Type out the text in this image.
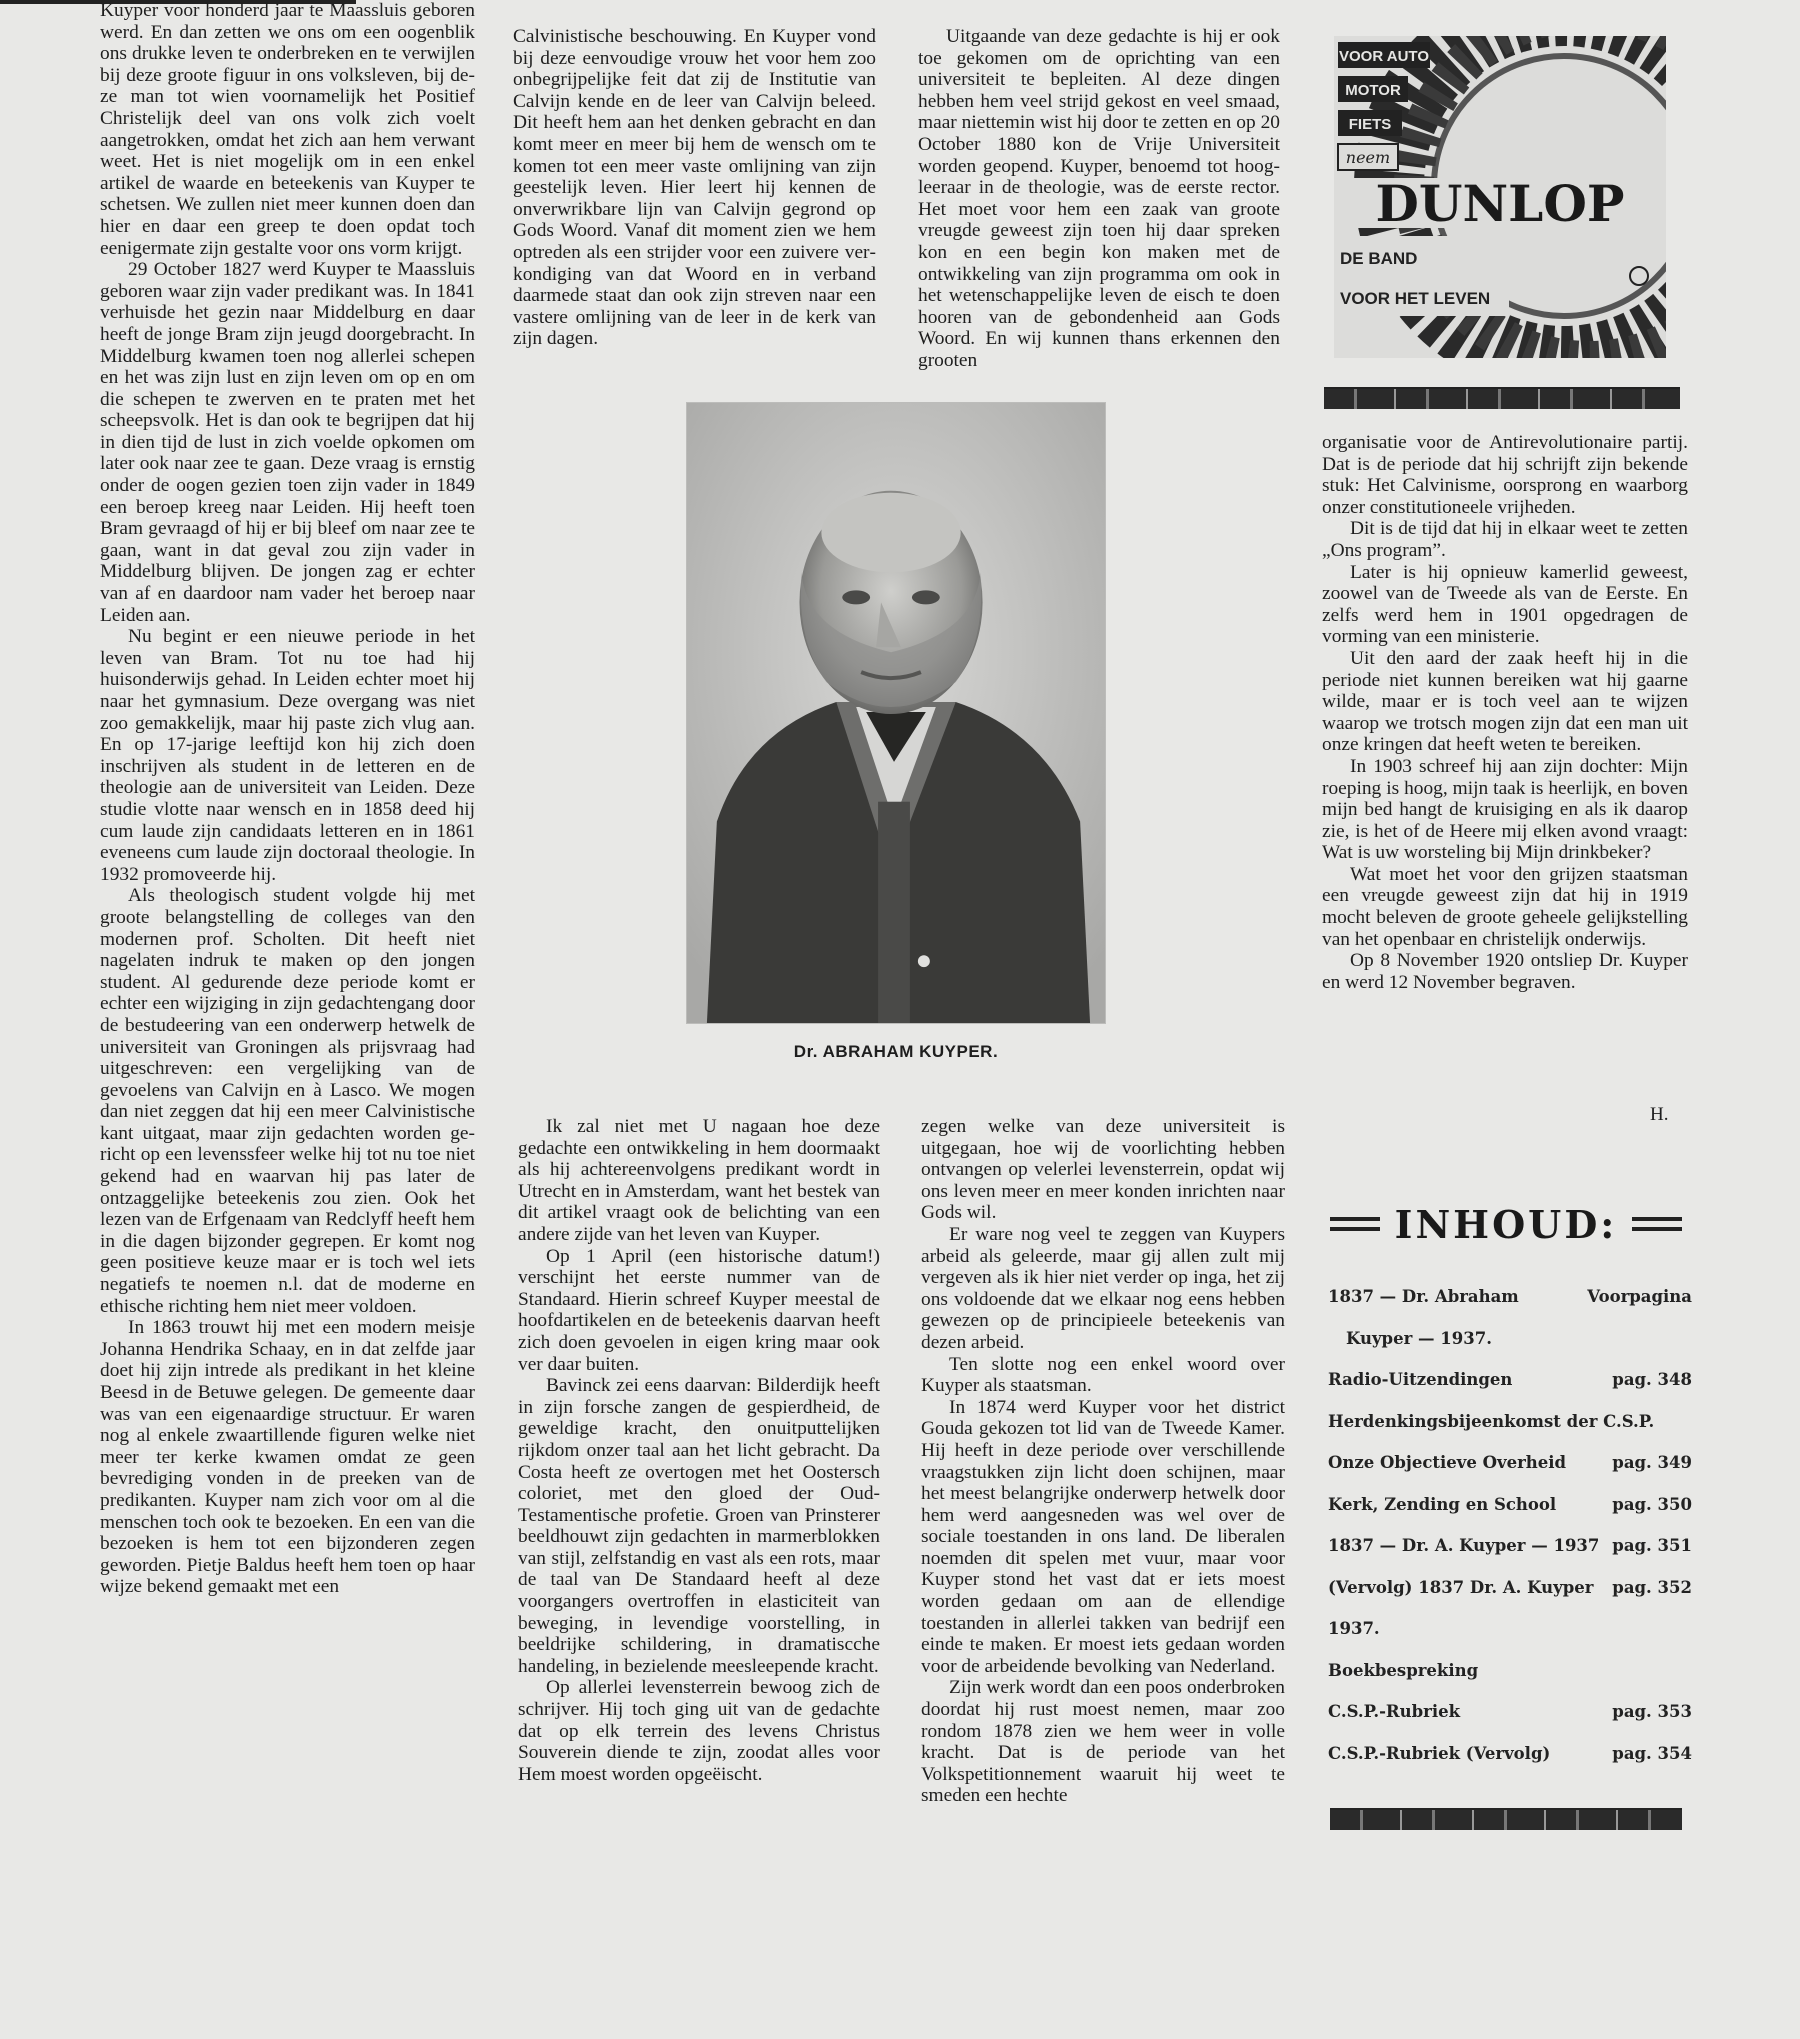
Kuyper voor honderd jaar te Maassluis geboren werd. En dan zetten we ons om een oogenblik ons drukke leven te onderbreken en te verwijlen bij deze groote figuur in ons volksleven, bij deze man tot wien voornamelijk het Positief Christelijk deel van ons volk zich voelt aangetrokken, omdat het zich aan hem verwant weet. Het is niet mogelijk om in een enkel artikel de waarde en beteekenis van Kuyper te schetsen. We zullen niet meer kunnen doen dan hier en daar een greep te doen opdat toch eenigermate zijn gestalte voor ons vorm krijgt.

29 October 1827 werd Kuyper te Maassluis geboren waar zijn vader predikant was. In 1841 verhuisde het gezin naar Middelburg en daar heeft de jonge Bram zijn jeugd doorgebracht. In Middelburg kwamen toen nog allerlei schepen en het was zijn lust en zijn leven om op en om die schepen te zwerven en te praten met het scheepsvolk. Het is dan ook te begrijpen dat hij in dien tijd de lust in zich voelde opkomen om later ook naar zee te gaan. Deze vraag is ernstig onder de oogen gezien toen zijn vader in 1849 een beroep kreeg naar Leiden. Hij heeft toen Bram gevraagd of hij er bij bleef om naar zee te gaan, want in dat geval zou zijn vader in Middelburg blijven. De jongen zag er echter van af en daardoor nam vader het beroep naar Leiden aan.

Nu begint er een nieuwe periode in het leven van Bram. Tot nu toe had hij huisonderwijs gehad. In Leiden echter moet hij naar het gymnasium. Deze overgang was niet zoo gemakkelijk, maar hij paste zich vlug aan. En op 17-jarige leeftijd kon hij zich doen inschrijven als student in de letteren en de theologie aan de universiteit van Leiden. Deze studie vlotte naar wensch en in 1858 deed hij cum laude zijn candidaats letteren en in 1861 eveneens cum laude zijn doctoraal theologie. In 1932 promoveerde hij.

Als theologisch student volgde hij met groote belangstelling de colleges van den modernen prof. Scholten. Dit heeft niet nagelaten indruk te maken op den jongen student. Al gedurende deze periode komt er echter een wijziging in zijn gedachtengang door de bestudeering van een onderwerp hetwelk de universiteit van Groningen als prijsvraag had uitgeschreven: een vergelijking van de gevoelens van Calvijn en à Lasco. We mogen dan niet zeggen dat hij een meer Calvinistische kant uitgaat, maar zijn gedachten worden gericht op een levenssfeer welke hij tot nu toe niet gekend had en waarvan hij pas later de ontzaggelijke beteekenis zou zien. Ook het lezen van de Erfgenaam van Redclyff heeft hem in die dagen bijzonder gegrepen. Er komt nog geen positieve keuze maar er is toch wel iets negatiefs te noemen n.l. dat de moderne en ethische richting hem niet meer voldoen.

In 1863 trouwt hij met een modern meisje Johanna Hendrika Schaay, en in dat zelfde jaar doet hij zijn intrede als predikant in het kleine Beesd in de Betuwe gelegen. De gemeente daar was van een eigenaardige structuur. Er waren nog al enkele zwaartillende figuren welke niet meer ter kerke kwamen omdat ze geen bevrediging vonden in de preeken van de predikanten. Kuyper nam zich voor om al die menschen toch ook te bezoeken. En een van die bezoeken is hem tot een bijzonderen zegen geworden. Pietje Baldus heeft hem toen op haar wijze bekend gemaakt met een

Calvinistische beschouwing. En Kuyper vond bij deze eenvoudige vrouw het voor hem zoo onbegrijpelijke feit dat zij de Institutie van Calvijn kende en de leer van Calvijn beleed. Dit heeft hem aan het denken gebracht en dan komt meer en meer bij hem de wensch om te komen tot een meer vaste omlijning van zijn geestelijk leven. Hier leert hij kennen de onverwrikbare lijn van Calvijn gegrond op Gods Woord. Vanaf dit moment zien we hem optreden als een strijder voor een zuivere verkondiging van dat Woord en in verband daarmede staat dan ook zijn streven naar een vastere omlijning van de leer in de kerk van zijn dagen.

Uitgaande van deze gedachte is hij er ook toe gekomen om de oprichting van een universiteit te bepleiten. Al deze dingen hebben hem veel strijd gekost en veel smaad, maar niettemin wist hij door te zetten en op 20 October 1880 kon de Vrije Universiteit worden geopend. Kuyper, benoemd tot hoogleeraar in de theologie, was de eerste rector. Het moet voor hem een zaak van groote vreugde geweest zijn toen hij daar spreken kon en een begin kon maken met de ontwikkeling van zijn programma om ook in het wetenschappelijke leven de eisch te doen hooren van de gebondenheid aan Gods Woord. En wij kunnen thans erkennen den grooten

Dr. ABRAHAM KUYPER.

Ik zal niet met U nagaan hoe deze gedachte een ontwikkeling in hem doormaakt als hij achtereenvolgens predikant wordt in Utrecht en in Amsterdam, want het bestek van dit artikel vraagt ook de belichting van een andere zijde van het leven van Kuyper.

Op 1 April (een historische datum!) verschijnt het eerste nummer van de Standaard. Hierin schreef Kuyper meestal de hoofdartikelen en de beteekenis daarvan heeft zich doen gevoelen in eigen kring maar ook ver daar buiten.

Bavinck zei eens daarvan: Bilderdijk heeft in zijn forsche zangen de gespierdheid, de geweldige kracht, den onuitputtelijken rijkdom onzer taal aan het licht gebracht. Da Costa heeft ze overtogen met het Oostersch coloriet, met den gloed der Oud-Testamentische profetie. Groen van Prinsterer beeldhouwt zijn gedachten in marmerblokken van stijl, zelfstandig en vast als een rots, maar de taal van De Standaard heeft al deze voorgangers overtroffen in elasticiteit van beweging, in levendige voorstelling, in beeldrijke schildering, in dramatiscche handeling, in bezielende meesleepende kracht.

Op allerlei levensterrein bewoog zich de schrijver. Hij toch ging uit van de gedachte dat op elk terrein des levens Christus Souverein diende te zijn, zoodat alles voor Hem moest worden opgeëischt.

zegen welke van deze universiteit is uitgegaan, hoe wij de voorlichting hebben ontvangen op velerlei levensterrein, opdat wij ons leven meer en meer konden inrichten naar Gods wil.

Er ware nog veel te zeggen van Kuypers arbeid als geleerde, maar gij allen zult mij vergeven als ik hier niet verder op inga, het zij ons voldoende dat we elkaar nog eens hebben gewezen op de principieele beteekenis van dezen arbeid.

Ten slotte nog een enkel woord over Kuyper als staatsman.

In 1874 werd Kuyper voor het district Gouda gekozen tot lid van de Tweede Kamer. Hij heeft in deze periode over verschillende vraagstukken zijn licht doen schijnen, maar het meest belangrijke onderwerp hetwelk door hem werd aangesneden was wel over de sociale toestanden in ons land. De liberalen noemden dit spelen met vuur, maar voor Kuyper stond het vast dat er iets moest worden gedaan om aan de ellendige toestanden in allerlei takken van bedrijf een einde te maken. Er moest iets gedaan worden voor de arbeidende bevolking van Nederland.

Zijn werk wordt dan een poos onderbroken doordat hij rust moest nemen, maar zoo rondom 1878 zien we hem weer in volle kracht. Dat is de periode van het Volkspetitionnement waaruit hij weet te smeden een hechte

VOOR AUTO
MOTOR
FIETS
neem
DUNLOP
DE BAND
VOOR HET LEVEN

organisatie voor de Antirevolutionaire partij. Dat is de periode dat hij schrijft zijn bekende stuk: Het Calvinisme, oorsprong en waarborg onzer constitutioneele vrijheden.

Dit is de tijd dat hij in elkaar weet te zetten „Ons program”.

Later is hij opnieuw kamerlid geweest, zoowel van de Tweede als van de Eerste. En zelfs werd hem in 1901 opgedragen de vorming van een ministerie.

Uit den aard der zaak heeft hij in die periode niet kunnen bereiken wat hij gaarne wilde, maar er is toch veel aan te wijzen waarop we trotsch mogen zijn dat een man uit onze kringen dat heeft weten te bereiken.

In 1903 schreef hij aan zijn dochter: Mijn roeping is hoog, mijn taak is heerlijk, en boven mijn bed hangt de kruisiging en als ik daarop zie, is het of de Heere mij elken avond vraagt: Wat is uw worsteling bij Mijn drinkbeker?

Wat moet het voor den grijzen staatsman een vreugde geweest zijn dat hij in 1919 mocht beleven de groote geheele gelijkstelling van het openbaar en christelijk onderwijs.

Op 8 November 1920 ontsliep Dr. Kuyper en werd 12 November begraven.

H.
INHOUD:
1837 — Dr. Abraham	Voorpagina
Kuyper — 1937.
Radio-Uitzendingen	pag. 348
Herdenkingsbijeenkomst der C.S.P.
Onze Objectieve Overheid	pag. 349
Kerk, Zending en School	pag. 350
1837 — Dr. A. Kuyper — 1937 pag. 351
(Vervolg) 1837 Dr. A. Kuyper pag. 352
1937.
Boekbespreking
C.S.P.-Rubriek	pag. 353
C.S.P.-Rubriek (Vervolg)	pag. 354
